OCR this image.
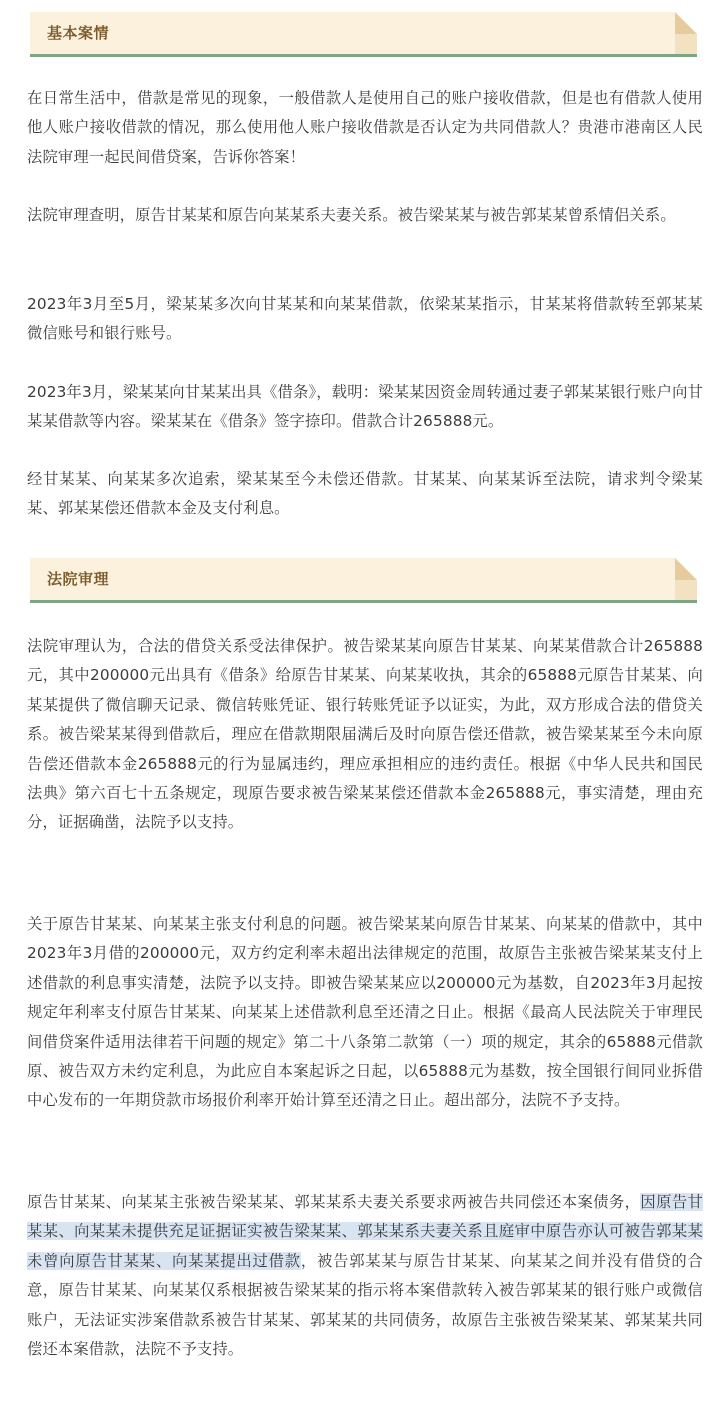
基本案情

在日常生活中，借款是常见的现象，一般借款人是使用自己的账户接收借款，但是也有借款人使用他人账户接收借款的情况，那么使用他人账户接收借款是否认定为共同借款人？贵港市港南区人民法院审理一起民间借贷案，告诉你答案！

法院审理查明，原告甘某某和原告向某某系夫妻关系。被告梁某某与被告郭某某曾系情侣关系。

2023年3月至5月，梁某某多次向甘某某和向某某借款，依梁某某指示，甘某某将借款转至郭某某微信账号和银行账号。

2023年3月，梁某某向甘某某出具《借条》，载明：梁某某因资金周转通过妻子郭某某银行账户向甘某某借款等内容。梁某某在《借条》签字捺印。借款合计265888元。

经甘某某、向某某多次追索，梁某某至今未偿还借款。甘某某、向某某诉至法院，请求判令梁某某、郭某某偿还借款本金及支付利息。

法院审理

法院审理认为，合法的借贷关系受法律保护。被告梁某某向原告甘某某、向某某借款合计265888元，其中200000元出具有《借条》给原告甘某某、向某某收执，其余的65888元原告甘某某、向某某提供了微信聊天记录、微信转账凭证、银行转账凭证予以证实，为此，双方形成合法的借贷关系。被告梁某某得到借款后，理应在借款期限届满后及时向原告偿还借款，被告梁某某至今未向原告偿还借款本金265888元的行为显属违约，理应承担相应的违约责任。根据《中华人民共和国民法典》第六百七十五条规定，现原告要求被告梁某某偿还借款本金265888元，事实清楚，理由充分，证据确凿，法院予以支持。

关于原告甘某某、向某某主张支付利息的问题。被告梁某某向原告甘某某、向某某的借款中，其中2023年3月借的200000元，双方约定利率未超出法律规定的范围，故原告主张被告梁某某支付上述借款的利息事实清楚，法院予以支持。即被告梁某某应以200000元为基数，自2023年3月起按规定年利率支付原告甘某某、向某某上述借款利息至还清之日止。根据《最高人民法院关于审理民间借贷案件适用法律若干问题的规定》第二十八条第二款第（一）项的规定，其余的65888元借款原、被告双方未约定利息，为此应自本案起诉之日起，以65888元为基数，按全国银行间同业拆借中心发布的一年期贷款市场报价利率开始计算至还清之日止。超出部分，法院不予支持。

原告甘某某、向某某主张被告梁某某、郭某某系夫妻关系要求两被告共同偿还本案债务，因原告甘某某、向某某未提供充足证据证实被告梁某某、郭某某系夫妻关系且庭审中原告亦认可被告郭某某未曾向原告甘某某、向某某提出过借款，被告郭某某与原告甘某某、向某某之间并没有借贷的合意，原告甘某某、向某某仅系根据被告梁某某的指示将本案借款转入被告郭某某的银行账户或微信账户，无法证实涉案借款系被告甘某某、郭某某的共同债务，故原告主张被告梁某某、郭某某共同偿还本案借款，法院不予支持。
